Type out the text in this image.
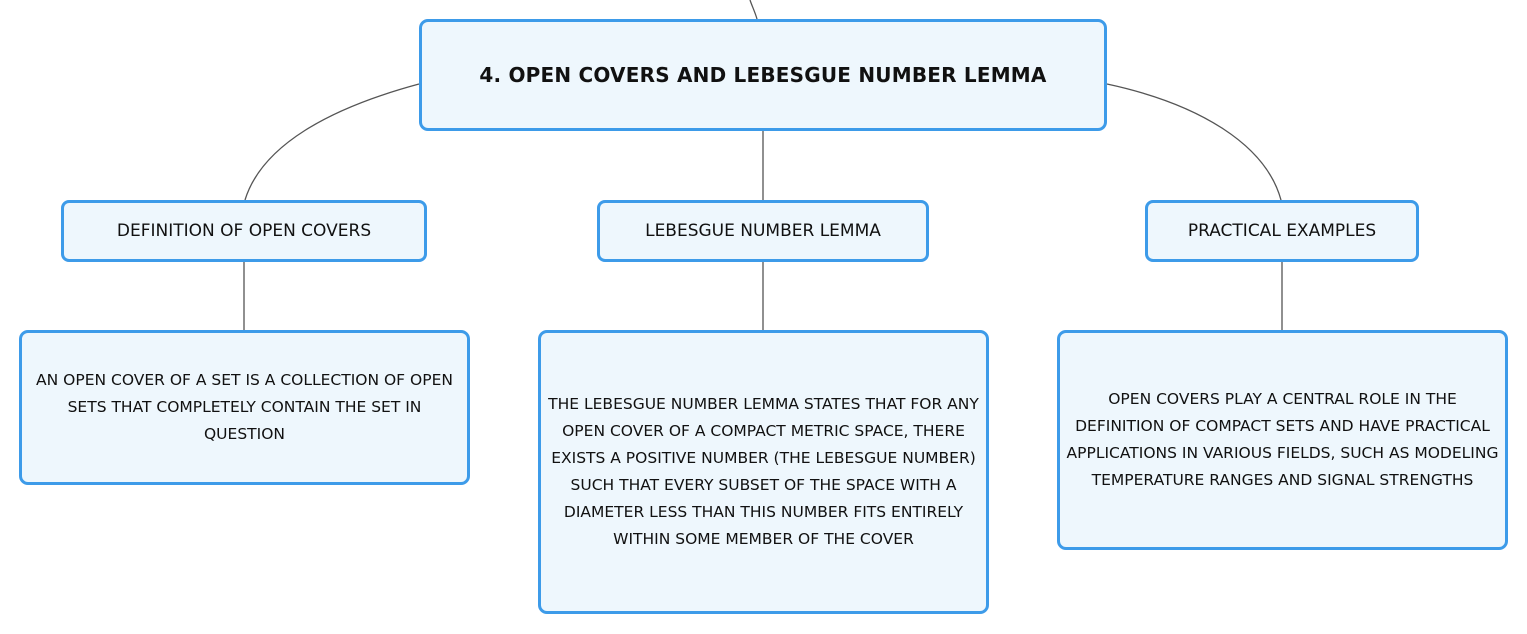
4. OPEN COVERS AND LEBESGUE NUMBER LEMMA
DEFINITION OF OPEN COVERS	LEBESGUE NUMBER LEMMA	PRACTICAL EXAMPLES
AN OPEN COVER OF A SET IS A COLLECTION OF OPEN SETS THAT COMPLETELY CONTAIN THE SET IN QUESTION
THE LEBESGUE NUMBER LEMMA STATES THAT FOR ANY OPEN COVER OF A COMPACT METRIC SPACE, THERE EXISTS A POSITIVE NUMBER (THE LEBESGUE NUMBER) SUCH THAT EVERY SUBSET OF THE SPACE WITH A DIAMETER LESS THAN THIS NUMBER FITS ENTIRELY WITHIN SOME MEMBER OF THE COVER
OPEN COVERS PLAY A CENTRAL ROLE IN THE DEFINITION OF COMPACT SETS AND HAVE PRACTICAL APPLICATIONS IN VARIOUS FIELDS, SUCH AS MODELING TEMPERATURE RANGES AND SIGNAL STRENGTHS
